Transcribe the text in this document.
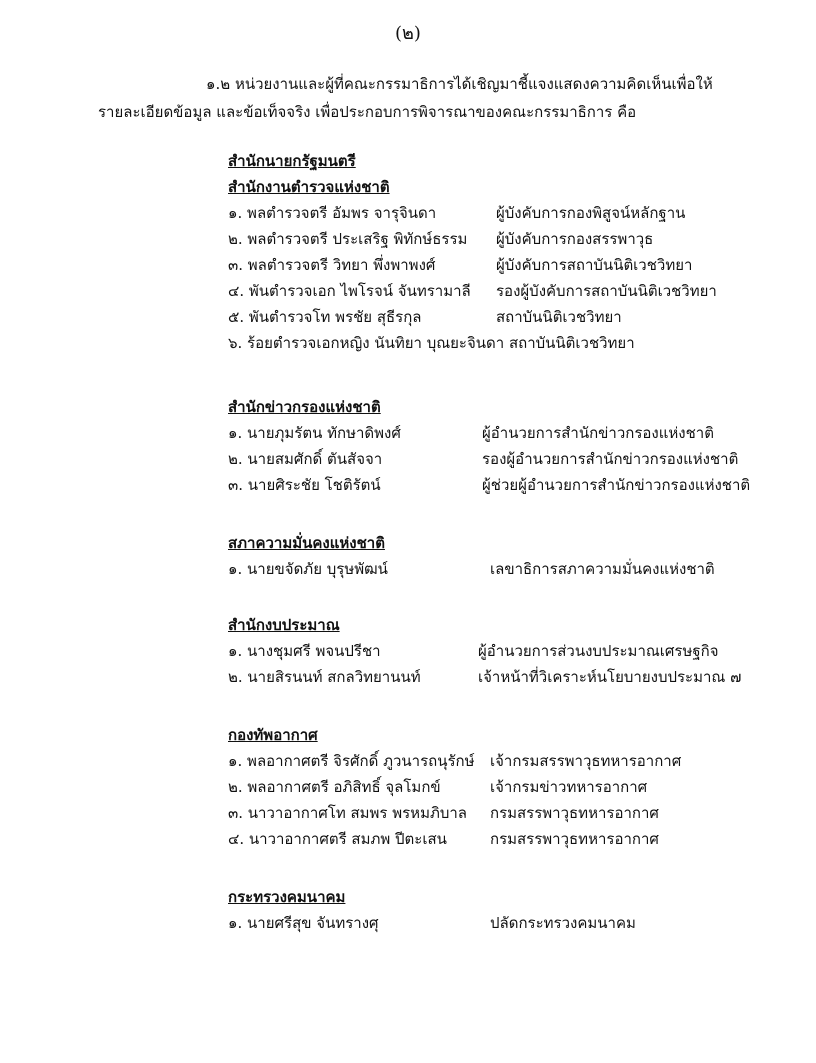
(๒)
๑.๒ หน่วยงานและผู้ที่คณะกรรมาธิการได้เชิญมาชี้แจงแสดงความคิดเห็นเพื่อให้
รายละเอียดข้อมูล และข้อเท็จจริง เพื่อประกอบการพิจารณาของคณะกรรมาธิการ คือ
สำนักนายกรัฐมนตรี
สำนักงานตำรวจแห่งชาติ
๑. พลตำรวจตรี อัมพร จารุจินดา	ผู้บังคับการกองพิสูจน์หลักฐาน
๒. พลตำรวจตรี ประเสริฐ พิทักษ์ธรรม ผู้บังคับการกองสรรพาวุธ
๓. พลตำรวจตรี วิทยา พึ่งพาพงศ์	ผู้บังคับการสถาบันนิติเวชวิทยา
๔. พันตำรวจเอก ไพโรจน์ จันทรามาลี รองผู้บังคับการสถาบันนิติเวชวิทยา
๕. พันตำรวจโท พรชัย สุธีรกุล	สถาบันนิติเวชวิทยา
๖. ร้อยตำรวจเอกหญิง นันทิยา บุณยะจินดา สถาบันนิติเวชวิทยา
สำนักข่าวกรองแห่งชาติ
๑. นายภุมรัตน ทักษาดิพงศ์	ผู้อำนวยการสำนักข่าวกรองแห่งชาติ
๒. นายสมศักดิ์ ตันสัจจา	รองผู้อำนวยการสำนักข่าวกรองแห่งชาติ
๓. นายศิระชัย โชติรัตน์	ผู้ช่วยผู้อำนวยการสำนักข่าวกรองแห่งชาติ
สภาความมั่นคงแห่งชาติ
๑. นายขจัดภัย บุรุษพัฒน์	เลขาธิการสภาความมั่นคงแห่งชาติ
สำนักงบประมาณ
๑. นางชุมศรี พจนปรีชา	ผู้อำนวยการส่วนงบประมาณเศรษฐกิจ
๒. นายสิรนนท์ สกลวิทยานนท์	เจ้าหน้าที่วิเคราะห์นโยบายงบประมาณ ๗
กองทัพอากาศ
๑. พลอากาศตรี จิรศักดิ์ ภูวนารถนุรักษ์ เจ้ากรมสรรพาวุธทหารอากาศ
๒. พลอากาศตรี อภิสิทธิ์ จุลโมกข์	เจ้ากรมข่าวทหารอากาศ
๓. นาวาอากาศโท สมพร พรหมภิบาล กรมสรรพาวุธทหารอากาศ
๔. นาวาอากาศตรี สมภพ ปีตะเสน	กรมสรรพาวุธทหารอากาศ
กระทรวงคมนาคม
๑. นายศรีสุข จันทรางศุ	ปลัดกระทรวงคมนาคม
